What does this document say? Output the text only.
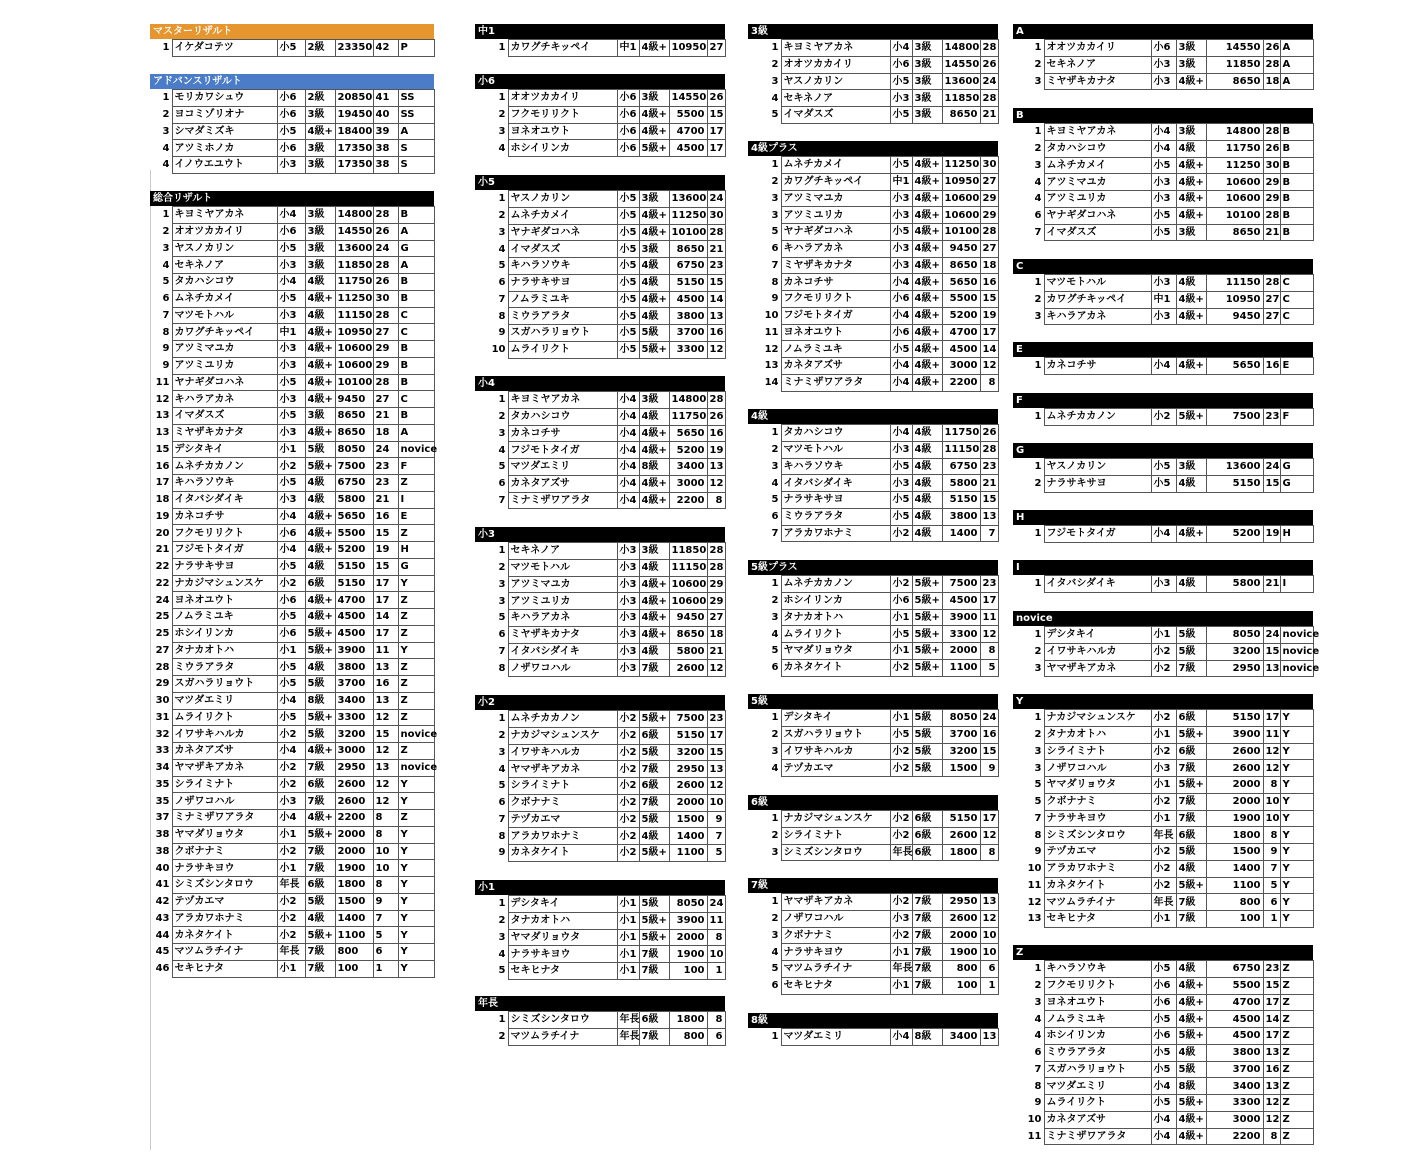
マスターリザルト
1	イケダコテツ	小5	2級	23350	42	P
アドバンスリザルト
1	モリカワシュウ	小6	2級	20850	41	SS
2	ヨコミゾリオナ	小6	3級	19450	40	SS
3	シマダミズキ	小5	4級+	18400	39	A
4	アツミホノカ	小6	3級	17350	38	S
4	イノウエユウト	小3	3級	17350	38	S
総合リザルト
1	キヨミヤアカネ	小4	3級	14800	28	B
2	オオツカカイリ	小6	3級	14550	26	A
3	ヤスノカリン	小5	3級	13600	24	G
4	セキネノア	小3	3級	11850	28	A
5	タカハシコウ	小4	4級	11750	26	B
6	ムネチカメイ	小5	4級+	11250	30	B
7	マツモトハル	小3	4級	11150	28	C
8	カワグチキッペイ	中1	4級+	10950	27	C
9	アツミマユカ	小3	4級+	10600	29	B
9	アツミユリカ	小3	4級+	10600	29	B
11	ヤナギダコハネ	小5	4級+	10100	28	B
12	キハラアカネ	小3	4級+	9450	27	C
13	イマダスズ	小5	3級	8650	21	B
13	ミヤザキカナタ	小3	4級+	8650	18	A
15	デシタキイ	小1	5級	8050	24	novice
16	ムネチカカノン	小2	5級+	7500	23	F
17	キハラソウキ	小5	4級	6750	23	Z
18	イタバシダイキ	小3	4級	5800	21	I
19	カネコチサ	小4	4級+	5650	16	E
20	フクモリリクト	小6	4級+	5500	15	Z
21	フジモトタイガ	小4	4級+	5200	19	H
22	ナラサキサヨ	小5	4級	5150	15	G
22	ナカジマシュンスケ	小2	6級	5150	17	Y
24	ヨネオユウト	小6	4級+	4700	17	Z
25	ノムラミユキ	小5	4級+	4500	14	Z
25	ホシイリンカ	小6	5級+	4500	17	Z
27	タナカオトハ	小1	5級+	3900	11	Y
28	ミウラアラタ	小5	4級	3800	13	Z
29	スガハラリョウト	小5	5級	3700	16	Z
30	マツダエミリ	小4	8級	3400	13	Z
31	ムライリクト	小5	5級+	3300	12	Z
32	イワサキハルカ	小2	5級	3200	15	novice
33	カネタアズサ	小4	4級+	3000	12	Z
34	ヤマザキアカネ	小2	7級	2950	13	novice
35	シライミナト	小2	6級	2600	12	Y
35	ノザワコハル	小3	7級	2600	12	Y
37	ミナミザワアラタ	小4	4級+	2200	8	Z
38	ヤマダリョウタ	小1	5級+	2000	8	Y
38	クボナナミ	小2	7級	2000	10	Y
40	ナラサキヨウ	小1	7級	1900	10	Y
41	シミズシンタロウ	年長	6級	1800	8	Y
42	テヅカエマ	小2	5級	1500	9	Y
43	アラカワホナミ	小2	4級	1400	7	Y
44	カネタケイト	小2	5級+	1100	5	Y
45	マツムラチイナ	年長	7級	800	6	Y
46	セキヒナタ	小1	7級	100	1	Y
中1
1	カワグチキッペイ	中1	4級+	10950	27
小6
1	オオツカカイリ	小6	3級	14550	26
2	フクモリリクト	小6	4級+	5500	15
3	ヨネオユウト	小6	4級+	4700	17
4	ホシイリンカ	小6	5級+	4500	17
小5
1	ヤスノカリン	小5	3級	13600	24
2	ムネチカメイ	小5	4級+	11250	30
3	ヤナギダコハネ	小5	4級+	10100	28
4	イマダスズ	小5	3級	8650	21
5	キハラソウキ	小5	4級	6750	23
6	ナラサキサヨ	小5	4級	5150	15
7	ノムラミユキ	小5	4級+	4500	14
8	ミウラアラタ	小5	4級	3800	13
9	スガハラリョウト	小5	5級	3700	16
10	ムライリクト	小5	5級+	3300	12
小4
1	キヨミヤアカネ	小4	3級	14800	28
2	タカハシコウ	小4	4級	11750	26
3	カネコチサ	小4	4級+	5650	16
4	フジモトタイガ	小4	4級+	5200	19
5	マツダエミリ	小4	8級	3400	13
6	カネタアズサ	小4	4級+	3000	12
7	ミナミザワアラタ	小4	4級+	2200	8
小3
1	セキネノア	小3	3級	11850	28
2	マツモトハル	小3	4級	11150	28
3	アツミマユカ	小3	4級+	10600	29
3	アツミユリカ	小3	4級+	10600	29
5	キハラアカネ	小3	4級+	9450	27
6	ミヤザキカナタ	小3	4級+	8650	18
7	イタバシダイキ	小3	4級	5800	21
8	ノザワコハル	小3	7級	2600	12
小2
1	ムネチカカノン	小2	5級+	7500	23
2	ナカジマシュンスケ	小2	6級	5150	17
3	イワサキハルカ	小2	5級	3200	15
4	ヤマザキアカネ	小2	7級	2950	13
5	シライミナト	小2	6級	2600	12
6	クボナナミ	小2	7級	2000	10
7	テヅカエマ	小2	5級	1500	9
8	アラカワホナミ	小2	4級	1400	7
9	カネタケイト	小2	5級+	1100	5
小1
1	デシタキイ	小1	5級	8050	24
2	タナカオトハ	小1	5級+	3900	11
3	ヤマダリョウタ	小1	5級+	2000	8
4	ナラサキヨウ	小1	7級	1900	10
5	セキヒナタ	小1	7級	100	1
年長
1	シミズシンタロウ	年長	6級	1800	8
2	マツムラチイナ	年長	7級	800	6
3級
1	キヨミヤアカネ	小4	3級	14800	28
2	オオツカカイリ	小6	3級	14550	26
3	ヤスノカリン	小5	3級	13600	24
4	セキネノア	小3	3級	11850	28
5	イマダスズ	小5	3級	8650	21
4級プラス
1	ムネチカメイ	小5	4級+	11250	30
2	カワグチキッペイ	中1	4級+	10950	27
3	アツミマユカ	小3	4級+	10600	29
3	アツミユリカ	小3	4級+	10600	29
5	ヤナギダコハネ	小5	4級+	10100	28
6	キハラアカネ	小3	4級+	9450	27
7	ミヤザキカナタ	小3	4級+	8650	18
8	カネコチサ	小4	4級+	5650	16
9	フクモリリクト	小6	4級+	5500	15
10	フジモトタイガ	小4	4級+	5200	19
11	ヨネオユウト	小6	4級+	4700	17
12	ノムラミユキ	小5	4級+	4500	14
13	カネタアズサ	小4	4級+	3000	12
14	ミナミザワアラタ	小4	4級+	2200	8
4級
1	タカハシコウ	小4	4級	11750	26
2	マツモトハル	小3	4級	11150	28
3	キハラソウキ	小5	4級	6750	23
4	イタバシダイキ	小3	4級	5800	21
5	ナラサキサヨ	小5	4級	5150	15
6	ミウラアラタ	小5	4級	3800	13
7	アラカワホナミ	小2	4級	1400	7
5級プラス
1	ムネチカカノン	小2	5級+	7500	23
2	ホシイリンカ	小6	5級+	4500	17
3	タナカオトハ	小1	5級+	3900	11
4	ムライリクト	小5	5級+	3300	12
5	ヤマダリョウタ	小1	5級+	2000	8
6	カネタケイト	小2	5級+	1100	5
5級
1	デシタキイ	小1	5級	8050	24
2	スガハラリョウト	小5	5級	3700	16
3	イワサキハルカ	小2	5級	3200	15
4	テヅカエマ	小2	5級	1500	9
6級
1	ナカジマシュンスケ	小2	6級	5150	17
2	シライミナト	小2	6級	2600	12
3	シミズシンタロウ	年長	6級	1800	8
7級
1	ヤマザキアカネ	小2	7級	2950	13
2	ノザワコハル	小3	7級	2600	12
3	クボナナミ	小2	7級	2000	10
4	ナラサキヨウ	小1	7級	1900	10
5	マツムラチイナ	年長	7級	800	6
6	セキヒナタ	小1	7級	100	1
8級
1	マツダエミリ	小4	8級	3400	13
A
1	オオツカカイリ	小6	3級	14550	26	A
2	セキネノア	小3	3級	11850	28	A
3	ミヤザキカナタ	小3	4級+	8650	18	A
B
1	キヨミヤアカネ	小4	3級	14800	28	B
2	タカハシコウ	小4	4級	11750	26	B
3	ムネチカメイ	小5	4級+	11250	30	B
4	アツミマユカ	小3	4級+	10600	29	B
4	アツミユリカ	小3	4級+	10600	29	B
6	ヤナギダコハネ	小5	4級+	10100	28	B
7	イマダスズ	小5	3級	8650	21	B
C
1	マツモトハル	小3	4級	11150	28	C
2	カワグチキッペイ	中1	4級+	10950	27	C
3	キハラアカネ	小3	4級+	9450	27	C
E
1	カネコチサ	小4	4級+	5650	16	E
F
1	ムネチカカノン	小2	5級+	7500	23	F
G
1	ヤスノカリン	小5	3級	13600	24	G
2	ナラサキサヨ	小5	4級	5150	15	G
H
1	フジモトタイガ	小4	4級+	5200	19	H
I
1	イタバシダイキ	小3	4級	5800	21	I
novice
1	デシタキイ	小1	5級	8050	24	novice
2	イワサキハルカ	小2	5級	3200	15	novice
3	ヤマザキアカネ	小2	7級	2950	13	novice
Y
1	ナカジマシュンスケ	小2	6級	5150	17	Y
2	タナカオトハ	小1	5級+	3900	11	Y
3	シライミナト	小2	6級	2600	12	Y
3	ノザワコハル	小3	7級	2600	12	Y
5	ヤマダリョウタ	小1	5級+	2000	8	Y
5	クボナナミ	小2	7級	2000	10	Y
7	ナラサキヨウ	小1	7級	1900	10	Y
8	シミズシンタロウ	年長	6級	1800	8	Y
9	テヅカエマ	小2	5級	1500	9	Y
10	アラカワホナミ	小2	4級	1400	7	Y
11	カネタケイト	小2	5級+	1100	5	Y
12	マツムラチイナ	年長	7級	800	6	Y
13	セキヒナタ	小1	7級	100	1	Y
Z
1	キハラソウキ	小5	4級	6750	23	Z
2	フクモリリクト	小6	4級+	5500	15	Z
3	ヨネオユウト	小6	4級+	4700	17	Z
4	ノムラミユキ	小5	4級+	4500	14	Z
4	ホシイリンカ	小6	5級+	4500	17	Z
6	ミウラアラタ	小5	4級	3800	13	Z
7	スガハラリョウト	小5	5級	3700	16	Z
8	マツダエミリ	小4	8級	3400	13	Z
9	ムライリクト	小5	5級+	3300	12	Z
10	カネタアズサ	小4	4級+	3000	12	Z
11	ミナミザワアラタ	小4	4級+	2200	8	Z
